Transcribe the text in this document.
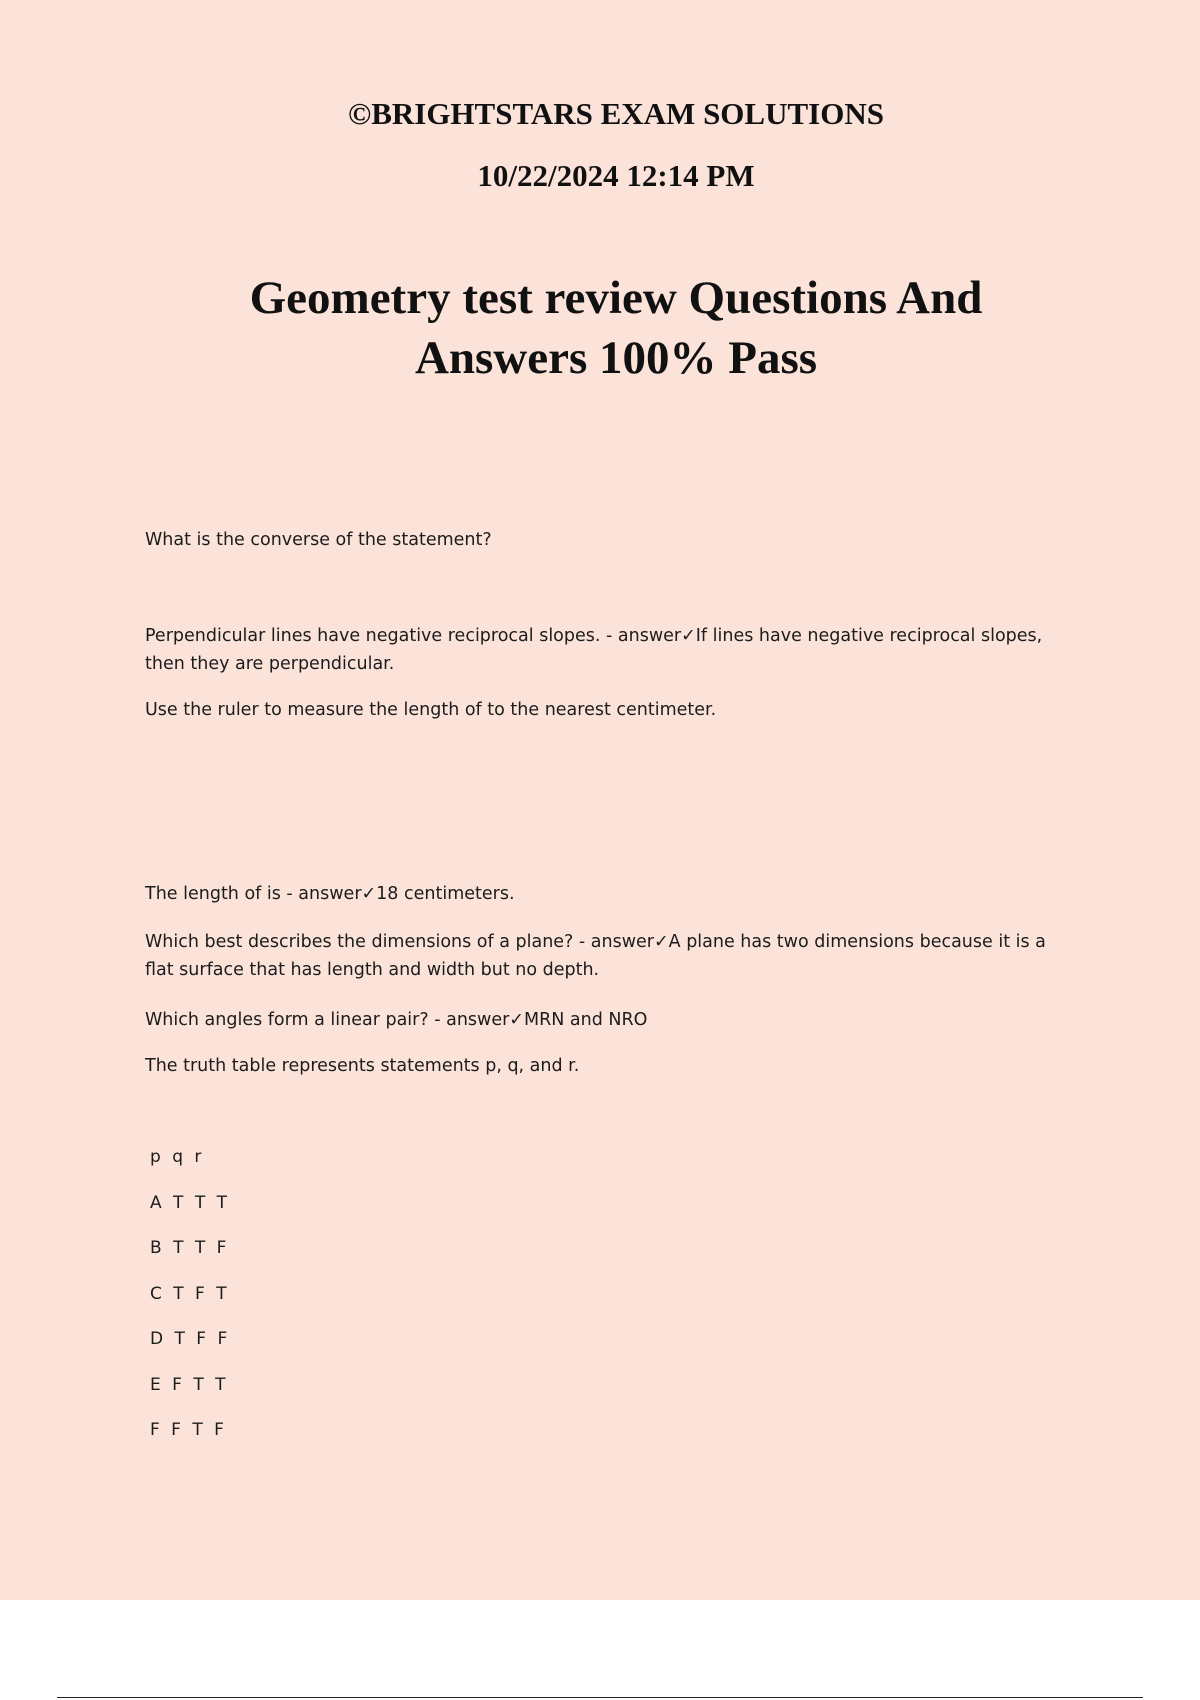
©BRIGHTSTARS EXAM SOLUTIONS

10/22/2024 12:14 PM

Geometry test review Questions And
Answers 100% Pass

What is the converse of the statement?

Perpendicular lines have negative reciprocal slopes. - answer✓If lines have negative reciprocal slopes, then they are perpendicular.

Use the ruler to measure the length of to the nearest centimeter.

The length of is - answer✓18 centimeters.

Which best describes the dimensions of a plane? - answer✓A plane has two dimensions because it is a flat surface that has length and width but no depth.

Which angles form a linear pair? - answer✓MRN and NRO

The truth table represents statements p, q, and r.

p q r
A T T T
B T T F
C T F T
D T F F
E F T T
F F T F
